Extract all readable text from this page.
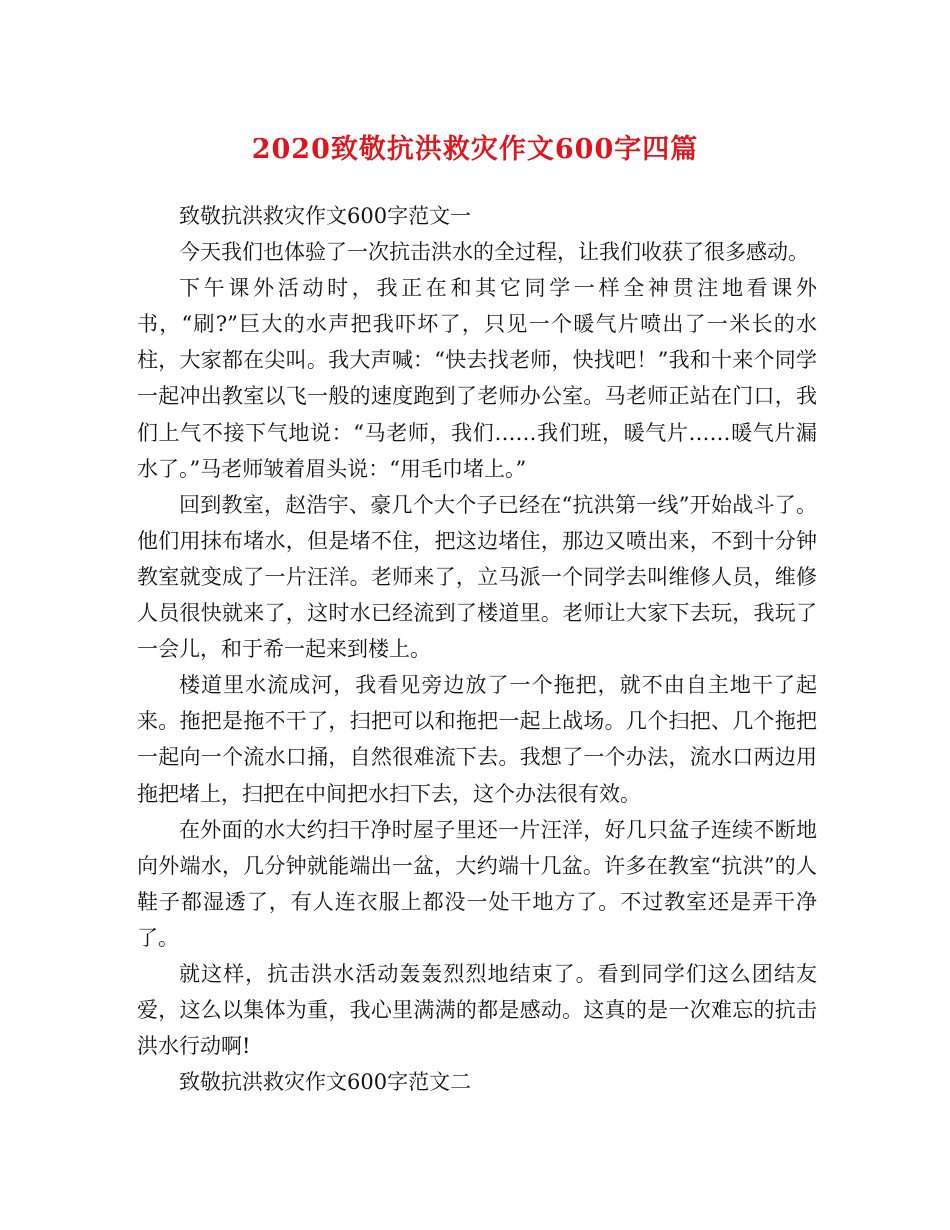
2020致敬抗洪救灾作文600字四篇

致敬抗洪救灾作文600字范文一

今天我们也体验了一次抗击洪水的全过程，让我们收获了很多感动。

下午课外活动时，我正在和其它同学一样全神贯注地看课外书，“刷?”巨大的水声把我吓坏了，只见一个暖气片喷出了一米长的水柱，大家都在尖叫。我大声喊：“快去找老师，快找吧！”我和十来个同学一起冲出教室以飞一般的速度跑到了老师办公室。马老师正站在门口，我们上气不接下气地说：“马老师，我们……我们班，暖气片……暖气片漏水了。”马老师皱着眉头说：“用毛巾堵上。”

回到教室，赵浩宇、豪几个大个子已经在“抗洪第一线”开始战斗了。他们用抹布堵水，但是堵不住，把这边堵住，那边又喷出来，不到十分钟教室就变成了一片汪洋。老师来了，立马派一个同学去叫维修人员，维修人员很快就来了，这时水已经流到了楼道里。老师让大家下去玩，我玩了一会儿，和于希一起来到楼上。

楼道里水流成河，我看见旁边放了一个拖把，就不由自主地干了起来。拖把是拖不干了，扫把可以和拖把一起上战场。几个扫把、几个拖把一起向一个流水口捅，自然很难流下去。我想了一个办法，流水口两边用拖把堵上，扫把在中间把水扫下去，这个办法很有效。

在外面的水大约扫干净时屋子里还一片汪洋，好几只盆子连续不断地向外端水，几分钟就能端出一盆，大约端十几盆。许多在教室“抗洪”的人鞋子都湿透了，有人连衣服上都没一处干地方了。不过教室还是弄干净了。

就这样，抗击洪水活动轰轰烈烈地结束了。看到同学们这么团结友爱，这么以集体为重，我心里满满的都是感动。这真的是一次难忘的抗击洪水行动啊!

致敬抗洪救灾作文600字范文二
